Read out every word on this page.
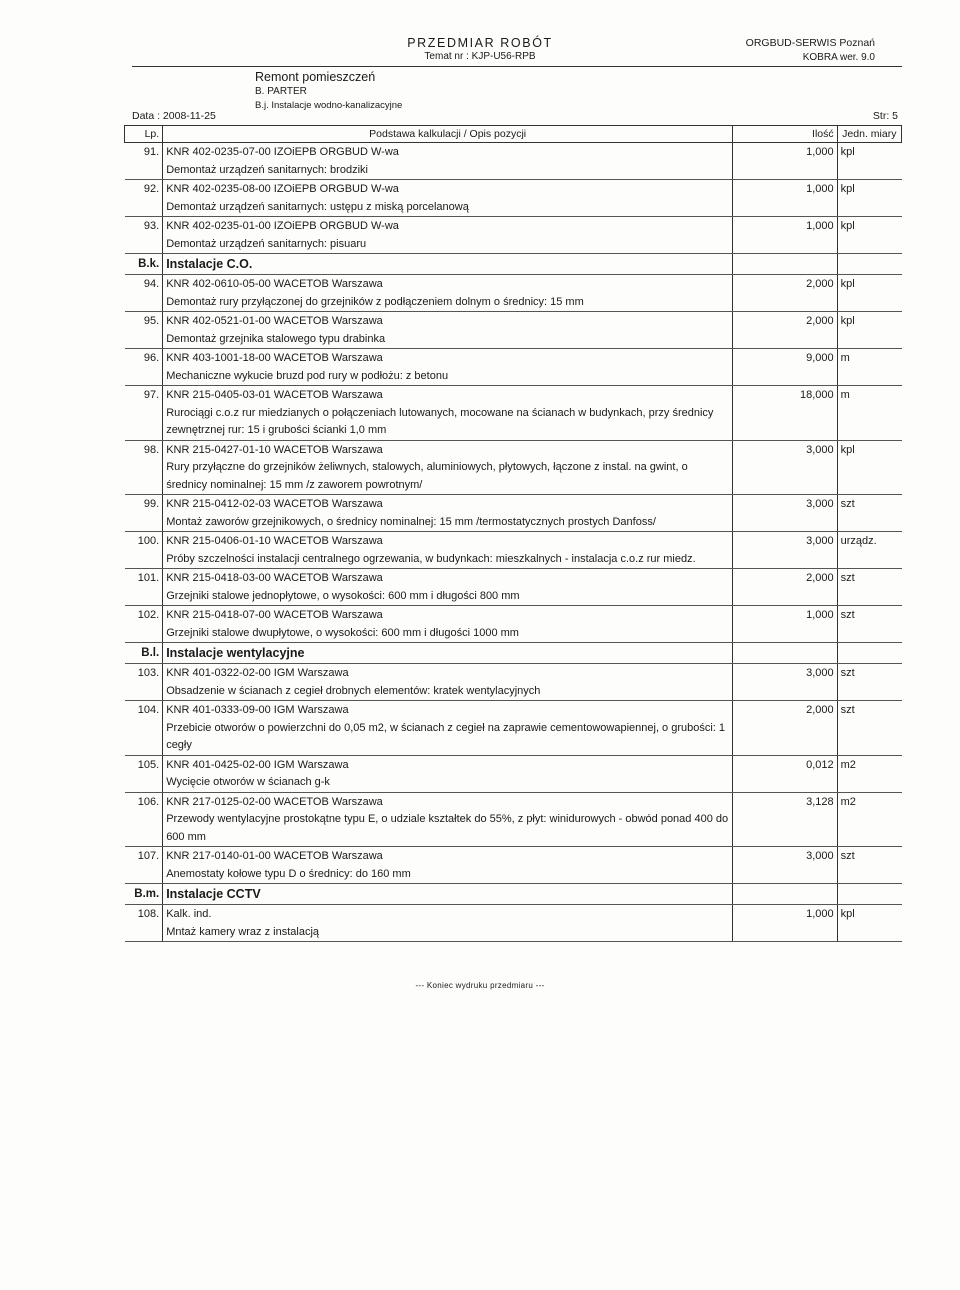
PRZEDMIAR ROBÓT
Temat nr : KJP-U56-RPB
ORGBUD-SERWIS Poznań
KOBRA wer. 9.0
Remont pomieszczeń
B. PARTER
B.j. Instalacje wodno-kanalizacyjne
Data : 2008-11-25	Str: 5
Lp.	Podstawa kalkulacji / Opis pozycji	Ilość	Jedn. miary
91.	KNR 402-0235-07-00 IZOiEPB ORGBUD W-wa	1,000	kpl
	Demontaż urządzeń sanitarnych: brodziki		
92.	KNR 402-0235-08-00 IZOiEPB ORGBUD W-wa	1,000	kpl
	Demontaż urządzeń sanitarnych: ustępu z miską porcelanową		
93.	KNR 402-0235-01-00 IZOiEPB ORGBUD W-wa	1,000	kpl
	Demontaż urządzeń sanitarnych: pisuaru		
B.k.	Instalacje C.O.		
94.	KNR 402-0610-05-00 WACETOB Warszawa	2,000	kpl
	Demontaż rury przyłączonej do grzejników z podłączeniem dolnym o średnicy: 15 mm		
95.	KNR 402-0521-01-00 WACETOB Warszawa	2,000	kpl
	Demontaż grzejnika stalowego typu drabinka		
96.	KNR 403-1001-18-00 WACETOB Warszawa	9,000	m
	Mechaniczne wykucie bruzd pod rury w podłożu: z betonu		
97.	KNR 215-0405-03-01 WACETOB Warszawa	18,000	m
	Rurociągi c.o.z rur miedzianych o połączeniach lutowanych, mocowane na ścianach w budynkach, przy średnicy zewnętrznej rur: 15 i grubości ścianki 1,0 mm		
98.	KNR 215-0427-01-10 WACETOB Warszawa	3,000	kpl
	Rury przyłączne do grzejników żeliwnych, stalowych, aluminiowych, płytowych, łączone z instal. na gwint, o średnicy nominalnej: 15 mm /z zaworem powrotnym/		
99.	KNR 215-0412-02-03 WACETOB Warszawa	3,000	szt
	Montaż zaworów grzejnikowych, o średnicy nominalnej: 15 mm /termostatycznych prostych Danfoss/		
100.	KNR 215-0406-01-10 WACETOB Warszawa	3,000	urządz.
	Próby szczelności instalacji centralnego ogrzewania, w budynkach: mieszkalnych - instalacja c.o.z rur miedz.		
101.	KNR 215-0418-03-00 WACETOB Warszawa	2,000	szt
	Grzejniki stalowe jednopłytowe, o wysokości: 600 mm i długości 800 mm		
102.	KNR 215-0418-07-00 WACETOB Warszawa	1,000	szt
	Grzejniki stalowe dwupłytowe, o wysokości: 600 mm i długości 1000 mm		
B.l.	Instalacje wentylacyjne		
103.	KNR 401-0322-02-00 IGM Warszawa	3,000	szt
	Obsadzenie w ścianach z cegieł drobnych elementów: kratek wentylacyjnych		
104.	KNR 401-0333-09-00 IGM Warszawa	2,000	szt
	Przebicie otworów o powierzchni do 0,05 m2, w ścianach z cegieł na zaprawie cementowowapiennej, o grubości: 1 cegły		
105.	KNR 401-0425-02-00 IGM Warszawa	0,012	m2
	Wycięcie otworów w ścianach g-k		
106.	KNR 217-0125-02-00 WACETOB Warszawa	3,128	m2
	Przewody wentylacyjne prostokątne typu E, o udziale kształtek do 55%, z płyt: winidurowych - obwód ponad 400 do 600 mm		
107.	KNR 217-0140-01-00 WACETOB Warszawa	3,000	szt
	Anemostaty kołowe typu D o średnicy: do 160 mm		
B.m.	Instalacje CCTV		
108.	Kalk. ind.	1,000	kpl
	Mntaż kamery wraz z instalacją		
--- Koniec wydruku przedmiaru ---
